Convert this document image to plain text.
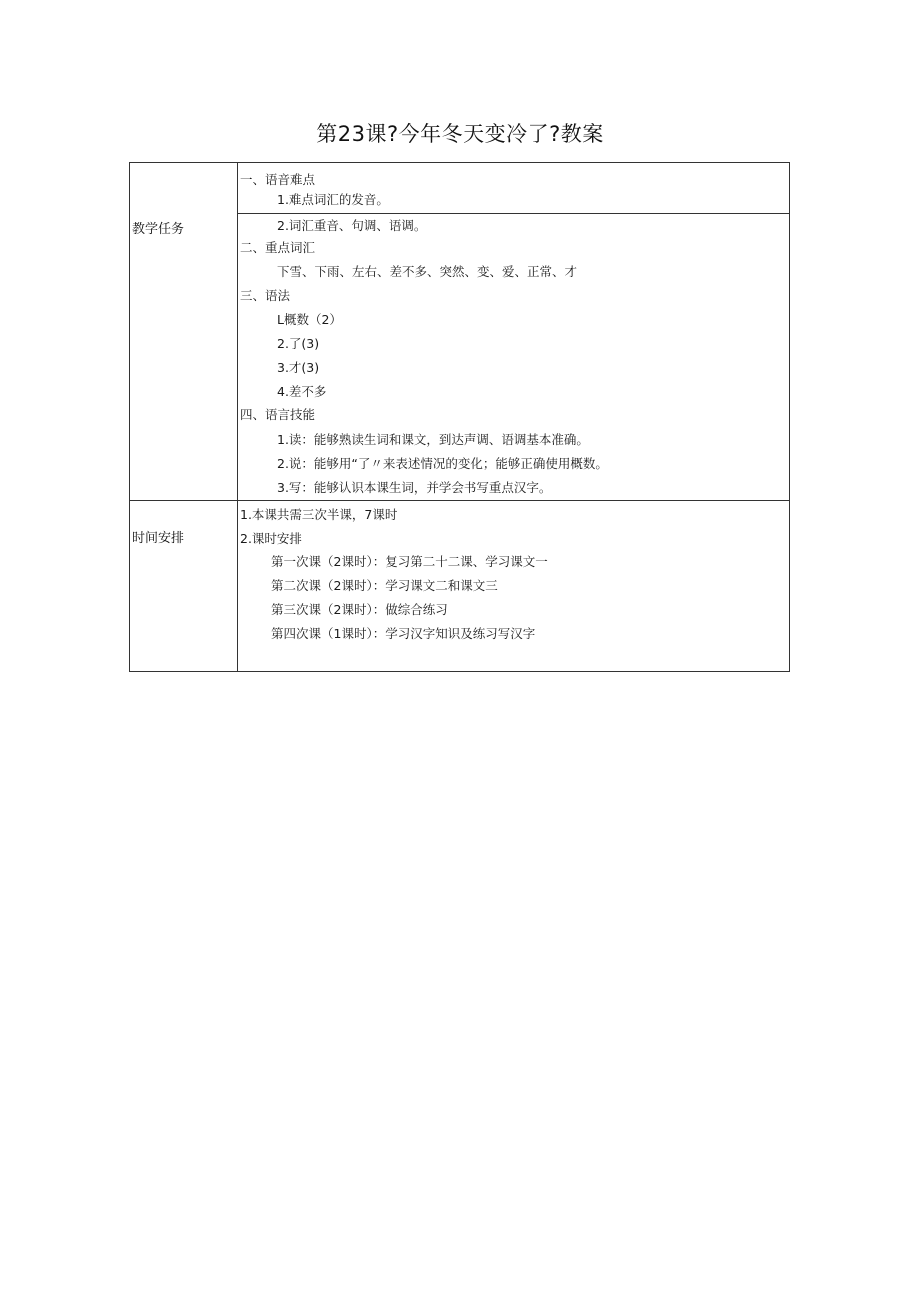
第23课?今年冬天变冷了?教案
教学任务
一、语音难点
1.难点词汇的发音。
2.词汇重音、句调、语调。
二、重点词汇
下雪、下雨、左右、差不多、突然、变、爱、正常、才
三、语法
L概数（2）
2.了(3)
3.才(3)
4.差不多
四、语言技能
1.读：能够熟读生词和课文，到达声调、语调基本准确。
2.说：能够用“了〃来表述情况的变化；能够正确使用概数。
3.写：能够认识本课生词，并学会书写重点汉字。
时间安排
1.本课共需三次半课，7课时
2.课时安排
第一次课（2课时）：复习第二十二课、学习课文一
第二次课（2课时）：学习课文二和课文三
第三次课（2课时）：做综合练习
第四次课（1课时）：学习汉字知识及练习写汉字
